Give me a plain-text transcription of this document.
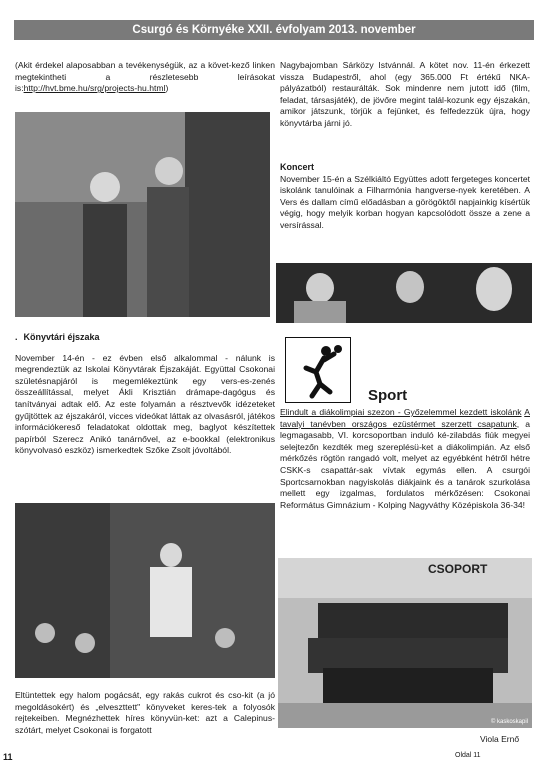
Csurgó és Környéke XXII. évfolyam 2013. november

(Akit érdekel alaposabban a tevékenységük, az a követ-kező linken megtekintheti a részletesebb leírásokat is:http://hvt.bme.hu/srg/projects-hu.html)

Nagybajomban Sárközy Istvánnál. A kötet nov. 11-én érkezett vissza Budapestről, ahol (egy 365.000 Ft értékű NKA-pályázatból) restaurálták. Sok mindenre nem jutott idő (film, feladat, társasjáték), de jövőre megint talál-kozunk egy éjszakán, amikor játszunk, törjük a fejünket, és felfedezzük újra, hogy könyvtárba járni jó.

Koncert

November 15-én a Szélkiáltó Együttes adott fergeteges koncertet iskolánk tanulóinak a Filharmónia hangverse-nyek keretében. A Vers és dallam című előadásban a görögöktől napjainkig kísértük végig, hogy melyik korban hogyan kapcsolódott össze a zene a versírással.

. Könyvtári éjszaka

November 14-én - ez évben első alkalommal - nálunk is megrendeztük az Iskolai Könyvtárak Éjszakáját. Együttal Csokonai születésnapjáról is megemlékeztünk egy vers-es-zenés összeállítással, melyet Ákli Krisztián drámape-dagógus és tanítványai adtak elő. Az este folyamán a résztvevők idézeteket gyűjtöttek az éjszakáról, vicces videókat láttak az olvasásról, játékos információkereső feladatokat oldottak meg, baglyot készítettek papírból Szerecz Anikó tanárnővel, az e-bookkal (elektronikus könyvolvasó eszköz) ismerkedtek Szőke Zsolt jóvoltából.

Eltüntettek egy halom pogácsát, egy rakás cukrot és cso-kit (a jó megoldásokért) és „elveszttett" könyveket keres-tek a folyosók rejtekeiben. Megnézhettek híres könyvün-ket: azt a Calepinus-szótárt, melyet Csokonai is forgatott

Sport

Elindult a diákolimpiai szezon - Győzelemmel kezdett iskolánk A tavalyi tanévben országos ezüstérmet szerzett csapatunk, a legmagasabb, VI. korcsoportban induló ké-zilabdás fiúk megyei selejtezőn kezdték meg szereplésü-ket a diákolimpián. Az első mérkőzés rögtön rangadó volt, melyet az egyébként hétről hétre CSKK-s csapattár-sak vívtak egymás ellen. A csurgói Sportcsarnokban nagyiskolás diákjaink és a tanárok szurkolása mellett egy izgalmas, fordulatos mérkőzésen: Csokonai Református Gimnázium - Kolping Nagyváthy Középiskola 36-34!

CSOPORT
© kaskoskapil
Viola Ernő
Oldal 11
11
